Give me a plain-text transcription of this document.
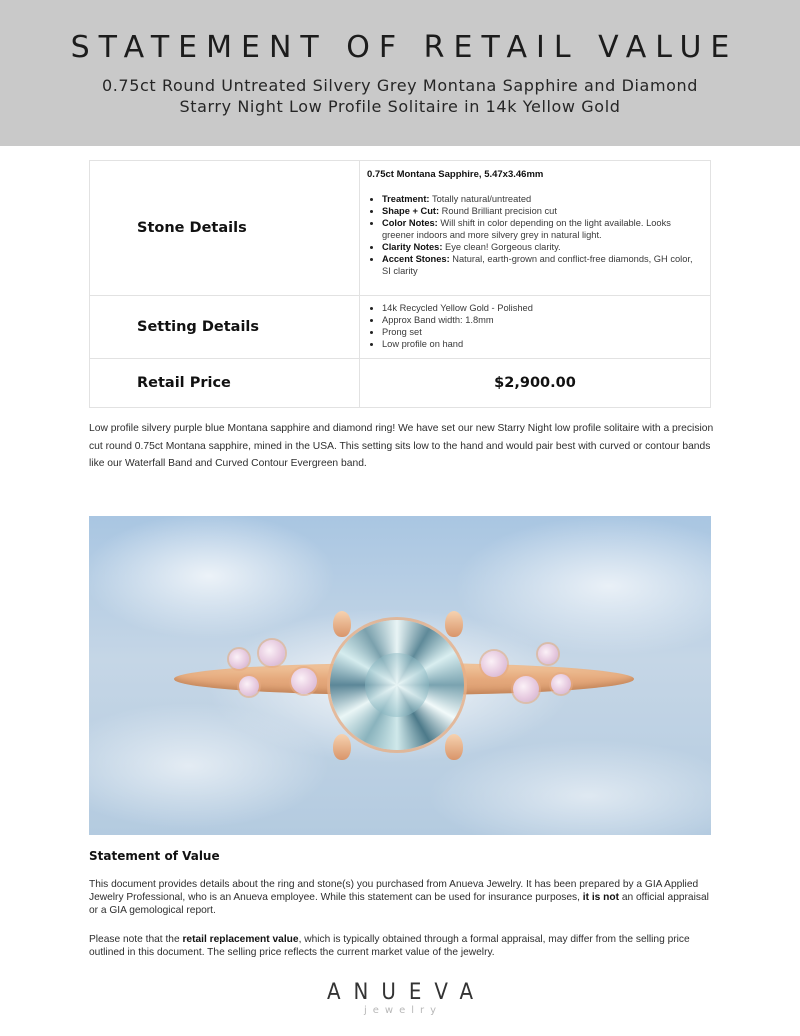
STATEMENT OF RETAIL VALUE
0.75ct Round Untreated Silvery Grey Montana Sapphire and Diamond
Starry Night Low Profile Solitaire in 14k Yellow Gold
Stone Details	
0.75ct Montana Sapphire, 5.47x3.46mm
Treatment: Totally natural/untreated
Shape + Cut: Round Brilliant precision cut
Color Notes: Will shift in color depending on the light available. Looks greener indoors and more silvery grey in natural light.
Clarity Notes: Eye clean! Gorgeous clarity.
Accent Stones: Natural, earth-grown and conflict-free diamonds, GH color, SI clarity

Setting Details	
14k Recycled Yellow Gold - Polished
Approx Band width: 1.8mm
Prong set
Low profile on hand

Retail Price	$2,900.00

Low profile silvery purple blue Montana sapphire and diamond ring! We have set our new Starry Night low profile solitaire with a precision cut round 0.75ct Montana sapphire, mined in the USA. This setting sits low to the hand and would pair best with curved or contour bands like our Waterfall Band and Curved Contour Evergreen band.

Statement of Value

This document provides details about the ring and stone(s) you purchased from Anueva Jewelry. It has been prepared by a GIA Applied Jewelry Professional, who is an Anueva employee. While this statement can be used for insurance purposes, it is not an official appraisal or a GIA gemological report.

Please note that the retail replacement value, which is typically obtained through a formal appraisal, may differ from the selling price outlined in this document. The selling price reflects the current market value of the jewelry.

ANUEVA
jewelry
